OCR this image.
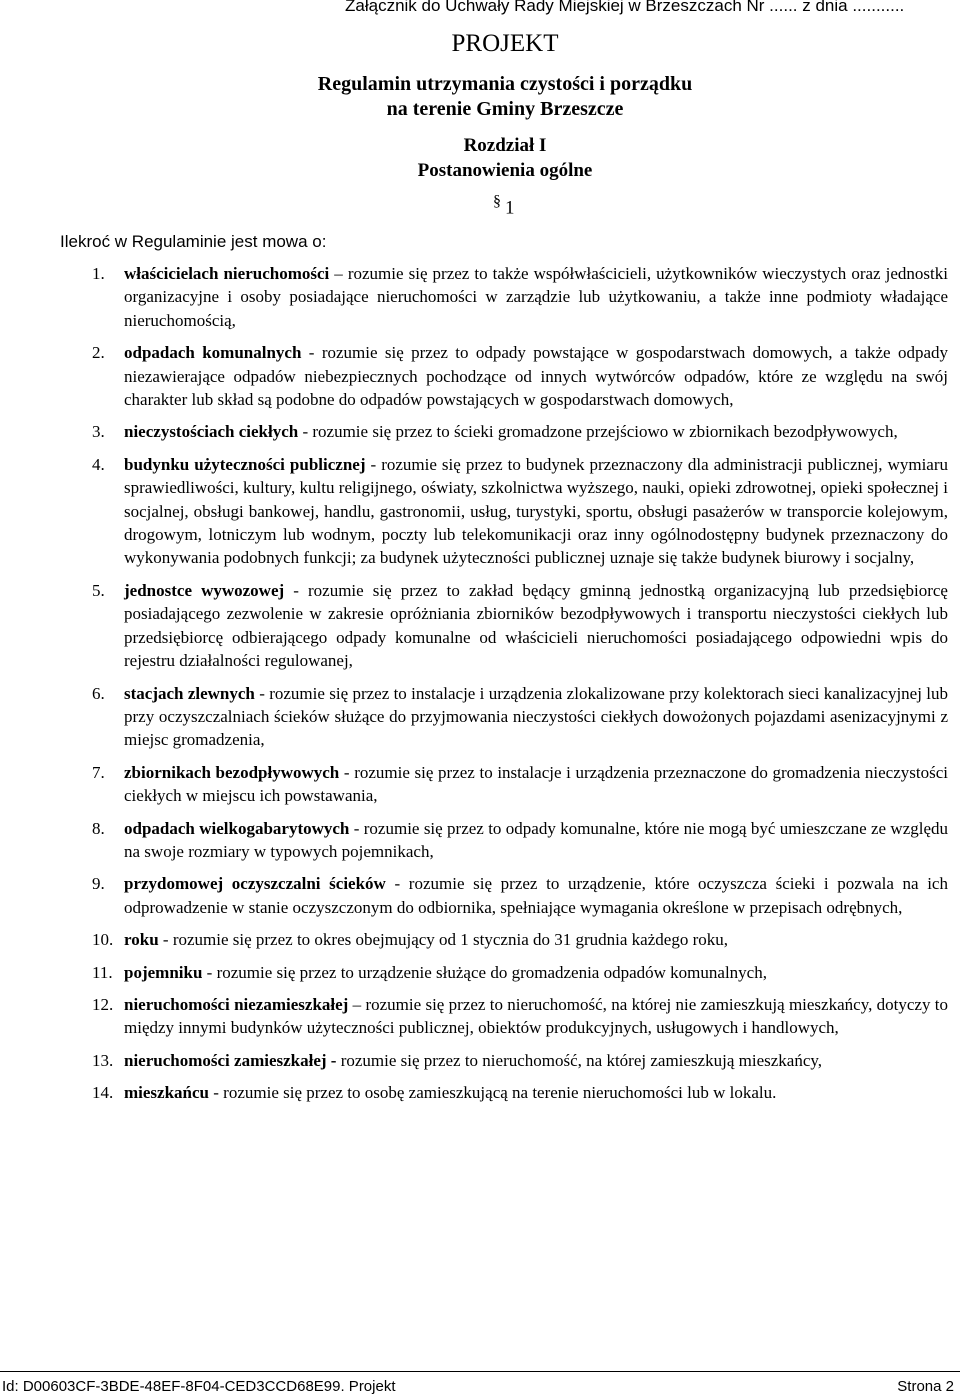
Załącznik do Uchwały Rady Miejskiej w Brzeszczach Nr ...... z dnia ...........
PROJEKT
Regulamin utrzymania czystości i porządku
na terenie Gminy Brzeszcze
Rozdział I
Postanowienia ogólne
§ 1
Ilekroć w Regulaminie jest mowa o:
1. właścicielach nieruchomości – rozumie się przez to także współwłaścicieli, użytkowników wieczystych oraz jednostki organizacyjne i osoby posiadające nieruchomości w zarządzie lub użytkowaniu, a także inne podmioty władające nieruchomością,
2. odpadach komunalnych - rozumie się przez to odpady powstające w gospodarstwach domowych, a także odpady niezawierające odpadów niebezpiecznych pochodzące od innych wytwórców odpadów, które ze względu na swój charakter lub skład są podobne do odpadów powstających w gospodarstwach domowych,
3. nieczystościach ciekłych - rozumie się przez to ścieki gromadzone przejściowo w zbiornikach bezodpływowych,
4. budynku użyteczności publicznej - rozumie się przez to budynek przeznaczony dla administracji publicznej, wymiaru sprawiedliwości, kultury, kultu religijnego, oświaty, szkolnictwa wyższego, nauki, opieki zdrowotnej, opieki społecznej i socjalnej, obsługi bankowej, handlu, gastronomii, usług, turystyki, sportu, obsługi pasażerów w transporcie kolejowym, drogowym, lotniczym lub wodnym, poczty lub telekomunikacji oraz inny ogólnodostępny budynek przeznaczony do wykonywania podobnych funkcji; za budynek użyteczności publicznej uznaje się także budynek biurowy i socjalny,
5. jednostce wywozowej - rozumie się przez to zakład będący gminną jednostką organizacyjną lub przedsiębiorcę posiadającego zezwolenie w zakresie opróżniania zbiorników bezodpływowych i transportu nieczystości ciekłych lub przedsiębiorcę odbierającego odpady komunalne od właścicieli nieruchomości posiadającego odpowiedni wpis do rejestru działalności regulowanej,
6. stacjach zlewnych - rozumie się przez to instalacje i urządzenia zlokalizowane przy kolektorach sieci kanalizacyjnej lub przy oczyszczalniach ścieków służące do przyjmowania nieczystości ciekłych dowożonych pojazdami asenizacyjnymi z miejsc gromadzenia,
7. zbiornikach bezodpływowych - rozumie się przez to instalacje i urządzenia przeznaczone do gromadzenia nieczystości ciekłych w miejscu ich powstawania,
8. odpadach wielkogabarytowych - rozumie się przez to odpady komunalne, które nie mogą być umieszczane ze względu na swoje rozmiary w typowych pojemnikach,
9. przydomowej oczyszczalni ścieków - rozumie się przez to urządzenie, które oczyszcza ścieki i pozwala na ich odprowadzenie w stanie oczyszczonym do odbiornika, spełniające wymagania określone w przepisach odrębnych,
10. roku - rozumie się przez to okres obejmujący od 1 stycznia do 31 grudnia każdego roku,
11. pojemniku - rozumie się przez to urządzenie służące do gromadzenia odpadów komunalnych,
12. nieruchomości niezamieszkałej – rozumie się przez to nieruchomość, na której nie zamieszkują mieszkańcy, dotyczy to między innymi budynków użyteczności publicznej, obiektów produkcyjnych, usługowych i handlowych,
13. nieruchomości zamieszkałej - rozumie się przez to nieruchomość, na której zamieszkują mieszkańcy,
14. mieszkańcu - rozumie się przez to osobę zamieszkującą na terenie nieruchomości lub w lokalu.
Id: D00603CF-3BDE-48EF-8F04-CED3CCD68E99. Projekt	Strona 2
